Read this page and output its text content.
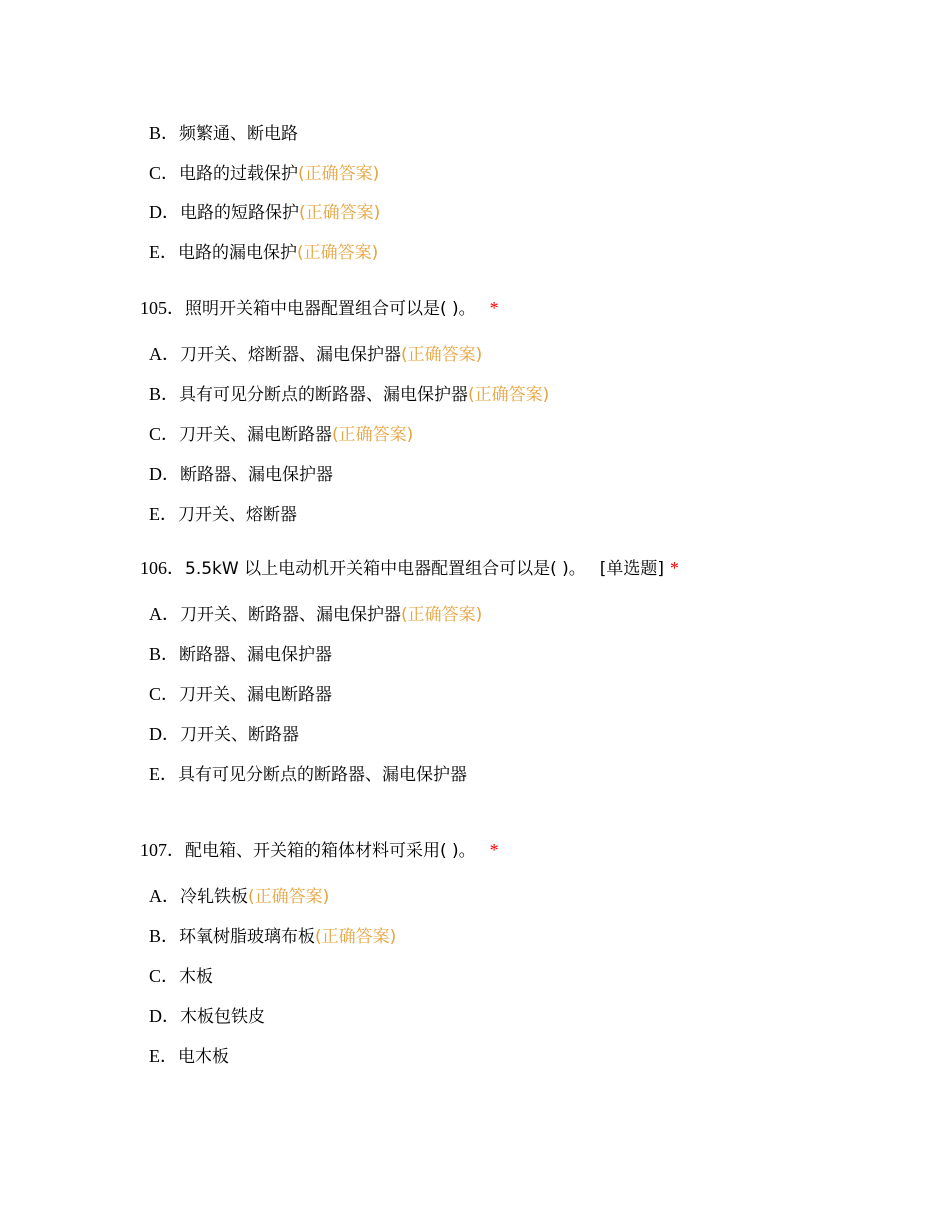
B．频繁通、断电路
C．电路的过载保护(正确答案)
D．电路的短路保护(正确答案)
E．电路的漏电保护(正确答案)
105．照明开关箱中电器配置组合可以是( )。 *
A．刀开关、熔断器、漏电保护器(正确答案)
B．具有可见分断点的断路器、漏电保护器(正确答案)
C．刀开关、漏电断路器(正确答案)
D．断路器、漏电保护器
E．刀开关、熔断器
106．5.5kW 以上电动机开关箱中电器配置组合可以是( )。 [单选题] *
A．刀开关、断路器、漏电保护器(正确答案)
B．断路器、漏电保护器
C．刀开关、漏电断路器
D．刀开关、断路器
E．具有可见分断点的断路器、漏电保护器
107．配电箱、开关箱的箱体材料可采用( )。 *
A．冷轧铁板(正确答案)
B．环氧树脂玻璃布板(正确答案)
C．木板
D．木板包铁皮
E．电木板
